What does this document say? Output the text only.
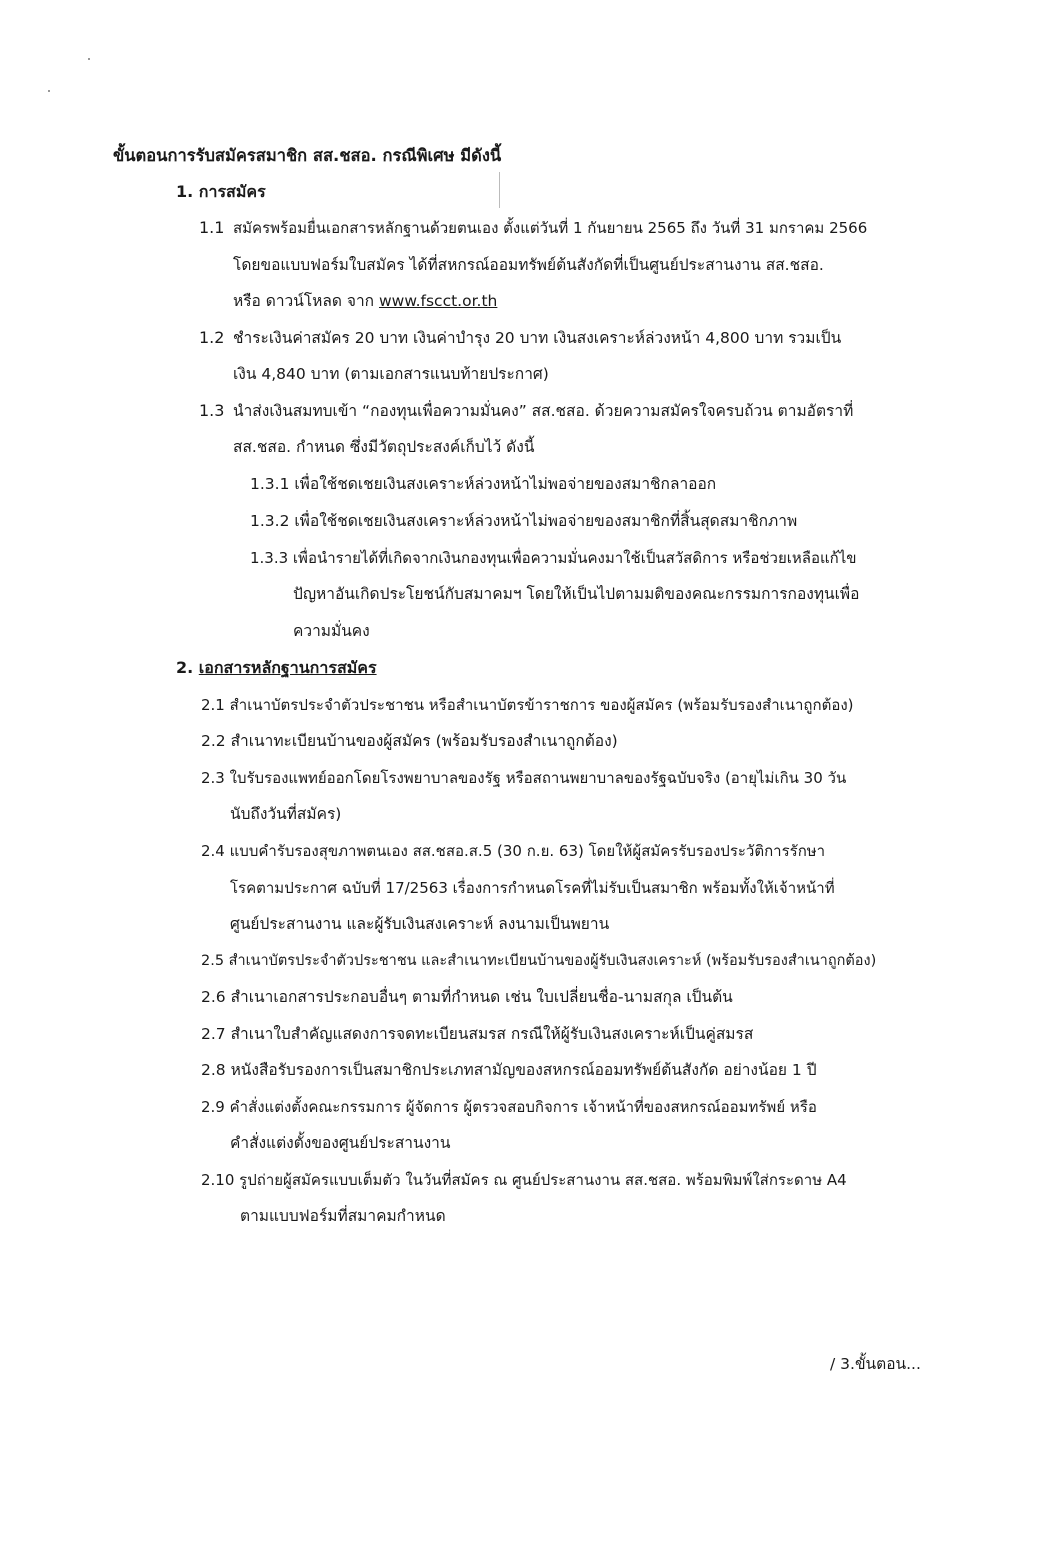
ขั้นตอนการรับสมัครสมาชิก สส.ชสอ. กรณีพิเศษ มีดังนี้
1. การสมัคร
1.1 สมัครพร้อมยื่นเอกสารหลักฐานด้วยตนเอง ตั้งแต่วันที่ 1 กันยายน 2565 ถึง วันที่ 31 มกราคม 2566
โดยขอแบบฟอร์มใบสมัคร ได้ที่สหกรณ์ออมทรัพย์ต้นสังกัดที่เป็นศูนย์ประสานงาน สส.ชสอ.
หรือ ดาวน์โหลด จาก www.fscct.or.th
1.2 ชำระเงินค่าสมัคร 20 บาท เงินค่าบำรุง 20 บาท เงินสงเคราะห์ล่วงหน้า 4,800 บาท รวมเป็น
เงิน 4,840 บาท (ตามเอกสารแนบท้ายประกาศ)
1.3 นำส่งเงินสมทบเข้า “กองทุนเพื่อความมั่นคง” สส.ชสอ. ด้วยความสมัครใจครบถ้วน ตามอัตราที่
สส.ชสอ. กำหนด ซึ่งมีวัตถุประสงค์เก็บไว้ ดังนี้
1.3.1 เพื่อใช้ชดเชยเงินสงเคราะห์ล่วงหน้าไม่พอจ่ายของสมาชิกลาออก
1.3.2 เพื่อใช้ชดเชยเงินสงเคราะห์ล่วงหน้าไม่พอจ่ายของสมาชิกที่สิ้นสุดสมาชิกภาพ
1.3.3 เพื่อนำรายได้ที่เกิดจากเงินกองทุนเพื่อความมั่นคงมาใช้เป็นสวัสดิการ หรือช่วยเหลือแก้ไข
ปัญหาอันเกิดประโยชน์กับสมาคมฯ โดยให้เป็นไปตามมติของคณะกรรมการกองทุนเพื่อ
ความมั่นคง
2. เอกสารหลักฐานการสมัคร
2.1 สำเนาบัตรประจำตัวประชาชน หรือสำเนาบัตรข้าราชการ ของผู้สมัคร (พร้อมรับรองสำเนาถูกต้อง)
2.2 สำเนาทะเบียนบ้านของผู้สมัคร (พร้อมรับรองสำเนาถูกต้อง)
2.3 ใบรับรองแพทย์ออกโดยโรงพยาบาลของรัฐ หรือสถานพยาบาลของรัฐฉบับจริง (อายุไม่เกิน 30 วัน
นับถึงวันที่สมัคร)
2.4 แบบคำรับรองสุขภาพตนเอง สส.ชสอ.ส.5 (30 ก.ย. 63) โดยให้ผู้สมัครรับรองประวัติการรักษา
โรคตามประกาศ ฉบับที่ 17/2563 เรื่องการกำหนดโรคที่ไม่รับเป็นสมาชิก พร้อมทั้งให้เจ้าหน้าที่
ศูนย์ประสานงาน และผู้รับเงินสงเคราะห์ ลงนามเป็นพยาน
2.5 สำเนาบัตรประจำตัวประชาชน และสำเนาทะเบียนบ้านของผู้รับเงินสงเคราะห์ (พร้อมรับรองสำเนาถูกต้อง)
2.6 สำเนาเอกสารประกอบอื่นๆ ตามที่กำหนด เช่น ใบเปลี่ยนชื่อ-นามสกุล เป็นต้น
2.7 สำเนาใบสำคัญแสดงการจดทะเบียนสมรส กรณีให้ผู้รับเงินสงเคราะห์เป็นคู่สมรส
2.8 หนังสือรับรองการเป็นสมาชิกประเภทสามัญของสหกรณ์ออมทรัพย์ต้นสังกัด อย่างน้อย 1 ปี
2.9 คำสั่งแต่งตั้งคณะกรรมการ ผู้จัดการ ผู้ตรวจสอบกิจการ เจ้าหน้าที่ของสหกรณ์ออมทรัพย์ หรือ
คำสั่งแต่งตั้งของศูนย์ประสานงาน
2.10 รูปถ่ายผู้สมัครแบบเต็มตัว ในวันที่สมัคร ณ ศูนย์ประสานงาน สส.ชสอ. พร้อมพิมพ์ใส่กระดาษ A4
ตามแบบฟอร์มที่สมาคมกำหนด
/ 3.ขั้นตอน...
